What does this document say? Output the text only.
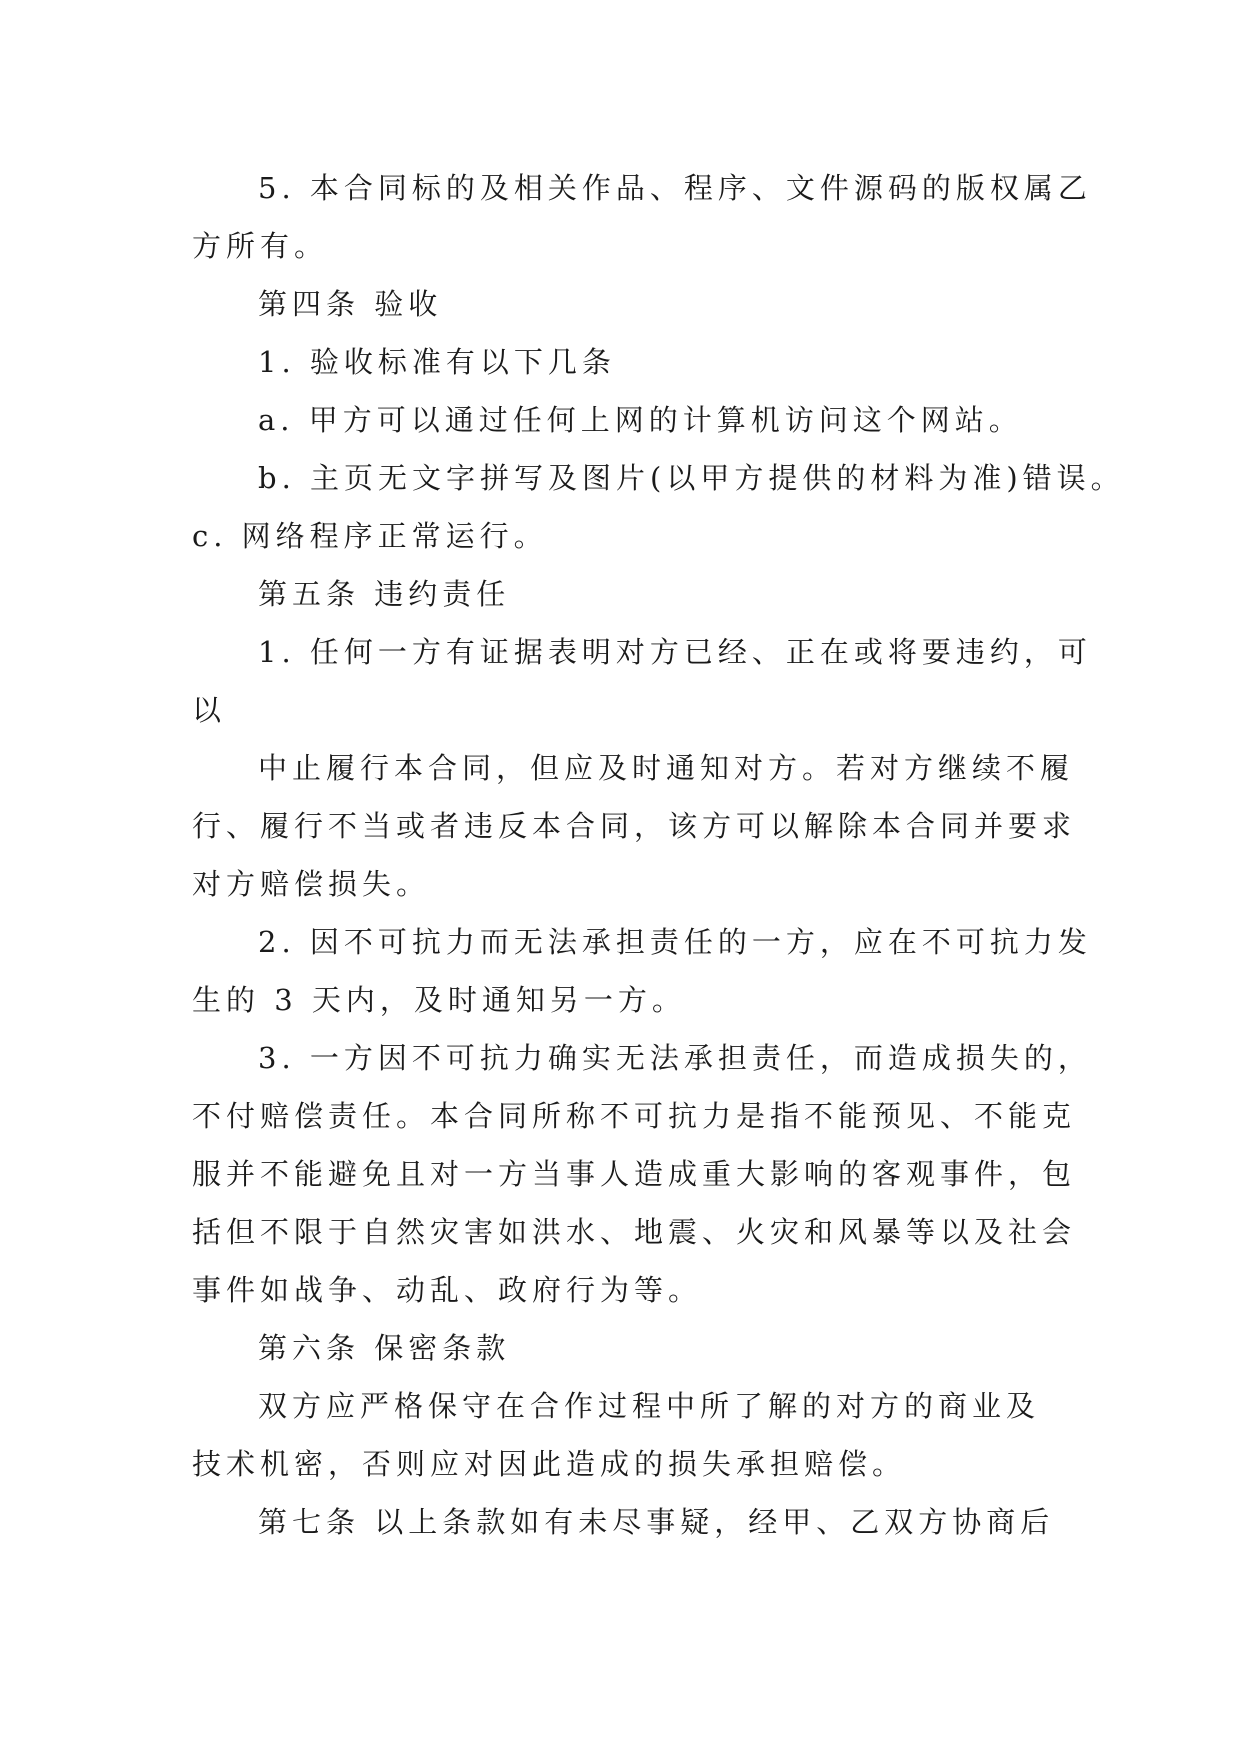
5. 本合同标的及相关作品、程序、文件源码的版权属乙
方所有。
第四条 验收
1. 验收标准有以下几条
a. 甲方可以通过任何上网的计算机访问这个网站。
b. 主页无文字拼写及图片(以甲方提供的材料为准)错误。
c. 网络程序正常运行。
第五条 违约责任
1. 任何一方有证据表明对方已经、正在或将要违约，可
以
中止履行本合同，但应及时通知对方。若对方继续不履
行、履行不当或者违反本合同，该方可以解除本合同并要求
对方赔偿损失。
2. 因不可抗力而无法承担责任的一方，应在不可抗力发
生的 3 天内，及时通知另一方。
3. 一方因不可抗力确实无法承担责任，而造成损失的，
不付赔偿责任。本合同所称不可抗力是指不能预见、不能克
服并不能避免且对一方当事人造成重大影响的客观事件，包
括但不限于自然灾害如洪水、地震、火灾和风暴等以及社会
事件如战争、动乱、政府行为等。
第六条 保密条款
双方应严格保守在合作过程中所了解的对方的商业及
技术机密，否则应对因此造成的损失承担赔偿。
第七条 以上条款如有未尽事疑，经甲、乙双方协商后
